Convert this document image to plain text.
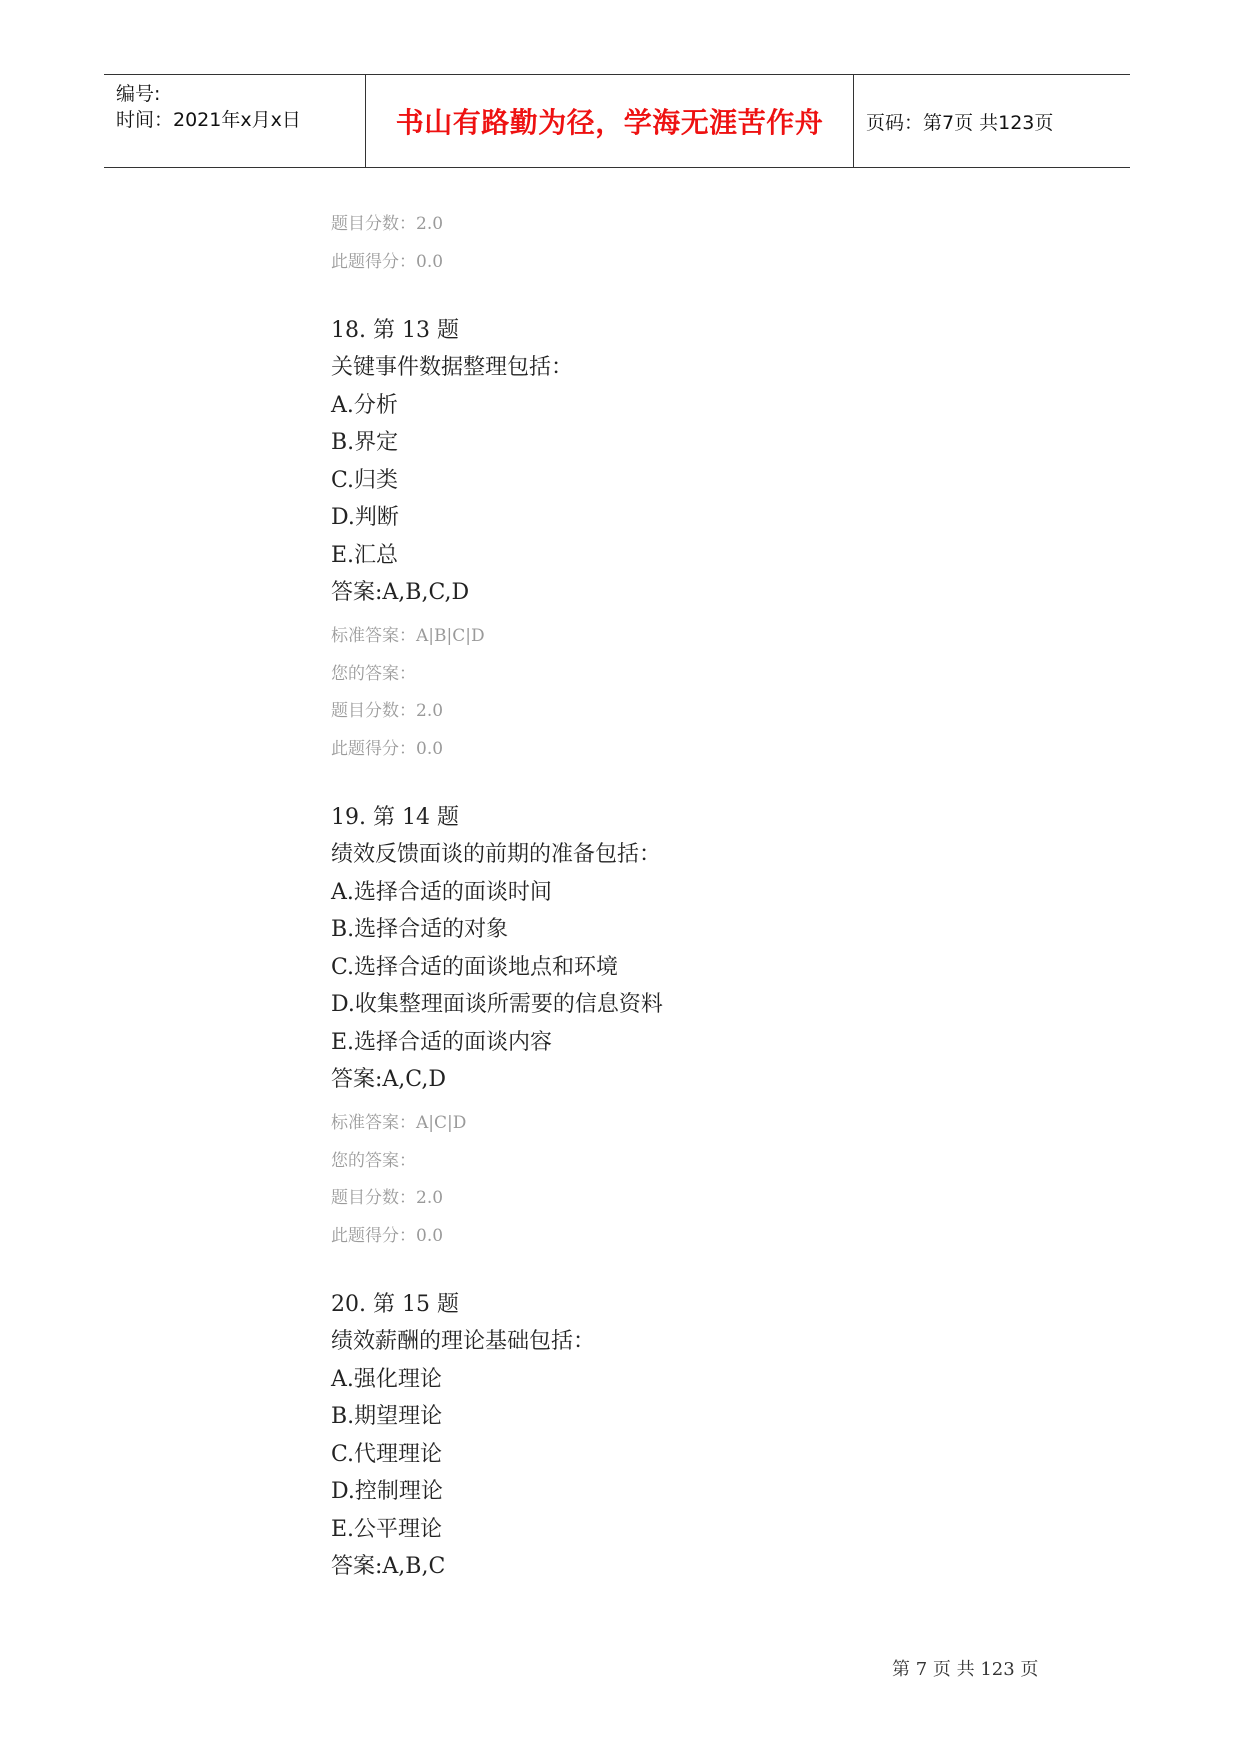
编号:
时间：2021年x月x日	书山有路勤为径，学海无涯苦作舟 页码：第7页 共123页
题目分数：2.0
此题得分：0.0
18. 第 13 题
关键事件数据整理包括：
A.分析
B.界定
C.归类
D.判断
E.汇总
答案:A,B,C,D
标准答案：A|B|C|D
您的答案：
题目分数：2.0
此题得分：0.0
19. 第 14 题
绩效反馈面谈的前期的准备包括：
A.选择合适的面谈时间
B.选择合适的对象
C.选择合适的面谈地点和环境
D.收集整理面谈所需要的信息资料
E.选择合适的面谈内容
答案:A,C,D
标准答案：A|C|D
您的答案：
题目分数：2.0
此题得分：0.0
20. 第 15 题
绩效薪酬的理论基础包括：
A.强化理论
B.期望理论
C.代理理论
D.控制理论
E.公平理论
答案:A,B,C
第 7 页 共 123 页
